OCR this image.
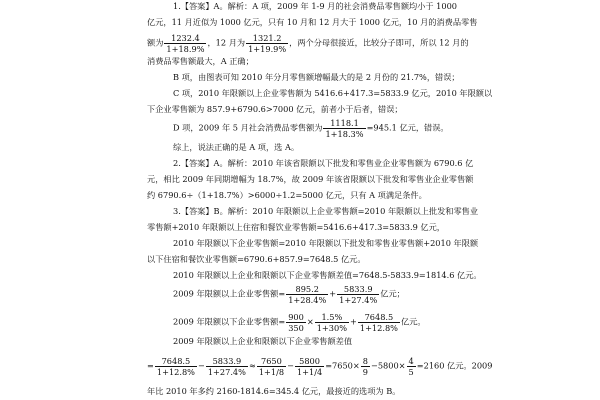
1.【答案】A。解析：A 项，2009 年 1-9 月的社会消费品零售额均小于 1000
亿元，11 月近似为 1000 亿元，只有 10 月和 12 月大于 1000 亿元，10 月的消费品零售
额为 $\frac{1232.4}{1+18.9\%}$ ，12 月为 $\frac{1321.2}{1+19.9\%}$ ，两个分母很接近，比较分子即可，所以 12 月的
消费品零售额最大，A 正确；
B 项，由图表可知 2010 年分月零售额增幅最大的是 2 月份的 21.7%，错误；
C 项，2010 年限额以上企业零售额为 5416.6+417.3=5833.9 亿元，2010 年限额以
下企业零售额为 857.9+6790.6>7000 亿元，前者小于后者，错误；
D 项，2009 年 5 月社会消费品零售额为 $\frac{1118.1}{1+18.3\%} =945.1$ 亿元，错误。
综上，说法正确的是 A 项，选 A。
2.【答案】A。解析：2010 年该省限额以下批发和零售业企业零售额为 6790.6 亿
元，相比 2009 年同期增幅为 18.7%，故 2009 年该省限额以下批发和零售业企业零售额
约 6790.6÷（1+18.7%）>6000÷1.2=5000 亿元，只有 A 项满足条件。
3.【答案】B。解析：2010 年限额以上企业零售额=2010 年限额以上批发和零售业
零售额+2010 年限额以上住宿和餐饮业零售额=5416.6+417.3=5833.9 亿元，
2010 年限额以下企业零售额=2010 年限额以下批发和零售业零售额+2010 年限额
以下住宿和餐饮业零售额=6790.6+857.9=7648.5 亿元。
2010 年限额以上企业和限额以下企业零售额差值=7648.5-5833.9=1814.6 亿元。
2009 年限额以上企业零售额= $\frac{895.2}{1+28.4\%} + \frac{5833.9}{1+27.4\%}$ 亿元；
2009 年限额以下企业零售额= $\frac{900}{350} \times \frac{1.5\%}{1+30\%} + \frac{7648.5}{1+12.8\%}$ 亿元。
2009 年限额以上企业和限额以下企业零售额差值
= $\frac{7648.5}{1+12.8\%} - \frac{5833.9}{1+27.4\%} \approx \frac{7650}{1+1/8} - \frac{5800}{1+1/4} =7650\times \frac{8}{9} -5800\times \frac{4}{5} =2160$ 亿元。2009
年比 2010 年多约 2160-1814.6=345.4 亿元，最接近的选项为 B。
